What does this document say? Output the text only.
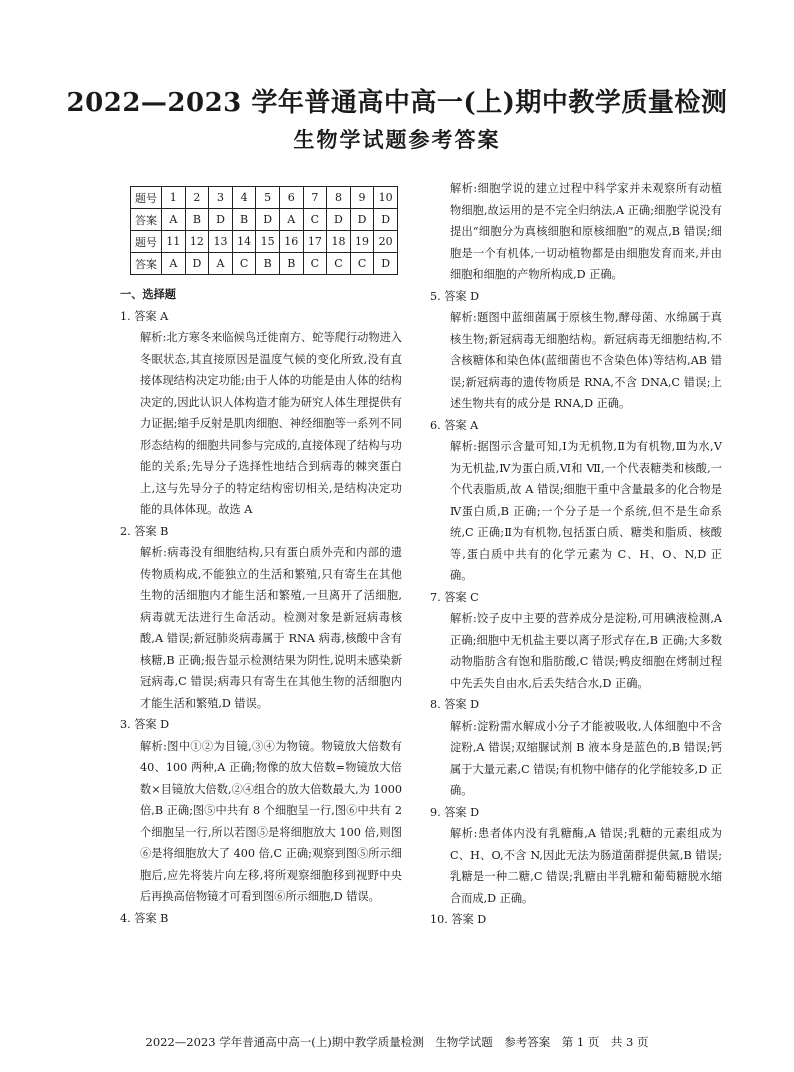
2022—2023 学年普通高中高一(上)期中教学质量检测
生物学试题参考答案
题号	1	2	3	4	5	6	7	8	9	10
答案	A	B	D	B	D	A	C	D	D	D
题号	11	12	13	14	15	16	17	18	19	20
答案	A	D	A	C	B	B	C	C	C	D

一、选择题

1. 答案 A

解析:北方寒冬来临候鸟迁徙南方、蛇等爬行动物进入冬眠状态,其直接原因是温度气候的变化所致,没有直接体现结构决定功能;由于人体的功能是由人体的结构决定的,因此认识人体构造才能为研究人体生理提供有力证据;缩手反射是肌肉细胞、神经细胞等一系列不同形态结构的细胞共同参与完成的,直接体现了结构与功能的关系;先导分子选择性地结合到病毒的棘突蛋白上,这与先导分子的特定结构密切相关,是结构决定功能的具体体现。故选 A

2. 答案 B

解析:病毒没有细胞结构,只有蛋白质外壳和内部的遗传物质构成,不能独立的生活和繁殖,只有寄生在其他生物的活细胞内才能生活和繁殖,一旦离开了活细胞,病毒就无法进行生命活动。检测对象是新冠病毒核酸,A 错误;新冠肺炎病毒属于 RNA 病毒,核酸中含有核糖,B 正确;报告显示检测结果为阴性,说明未感染新冠病毒,C 错误;病毒只有寄生在其他生物的活细胞内才能生活和繁殖,D 错误。

3. 答案 D

解析:图中①②为目镜,③④为物镜。物镜放大倍数有 40、100 两种,A 正确;物像的放大倍数=物镜放大倍数×目镜放大倍数,②④组合的放大倍数最大,为 1000 倍,B 正确;图⑤中共有 8 个细胞呈一行,图⑥中共有 2 个细胞呈一行,所以若图⑤是将细胞放大 100 倍,则图⑥是将细胞放大了 400 倍,C 正确;观察到图⑤所示细胞后,应先将装片向左移,将所观察细胞移到视野中央后再换高倍物镜才可看到图⑥所示细胞,D 错误。

4. 答案 B

解析:细胞学说的建立过程中科学家并未观察所有动植物细胞,故运用的是不完全归纳法,A 正确;细胞学说没有提出“细胞分为真核细胞和原核细胞”的观点,B 错误;细胞是一个有机体,一切动植物都是由细胞发育而来,并由细胞和细胞的产物所构成,D 正确。

5. 答案 D

解析:题图中蓝细菌属于原核生物,酵母菌、水绵属于真核生物;新冠病毒无细胞结构。新冠病毒无细胞结构,不含核糖体和染色体(蓝细菌也不含染色体)等结构,AB 错误;新冠病毒的遗传物质是 RNA,不含 DNA,C 错误;上述生物共有的成分是 RNA,D 正确。

6. 答案 A

解析:据图示含量可知,Ⅰ为无机物,Ⅱ为有机物,Ⅲ为水,Ⅴ为无机盐,Ⅳ为蛋白质,Ⅵ和 Ⅶ,一个代表糖类和核酸,一个代表脂质,故 A 错误;细胞干重中含量最多的化合物是Ⅳ蛋白质,B 正确;一个分子是一个系统,但不是生命系统,C 正确;Ⅱ为有机物,包括蛋白质、糖类和脂质、核酸等,蛋白质中共有的化学元素为 C、H、O、N,D 正确。

7. 答案 C

解析:饺子皮中主要的营养成分是淀粉,可用碘液检测,A 正确;细胞中无机盐主要以离子形式存在,B 正确;大多数动物脂肪含有饱和脂肪酸,C 错误;鸭皮细胞在烤制过程中先丢失自由水,后丢失结合水,D 正确。

8. 答案 D

解析:淀粉需水解成小分子才能被吸收,人体细胞中不含淀粉,A 错误;双缩脲试剂 B 液本身是蓝色的,B 错误;钙属于大量元素,C 错误;有机物中储存的化学能较多,D 正确。

9. 答案 D

解析:患者体内没有乳糖酶,A 错误;乳糖的元素组成为 C、H、O,不含 N,因此无法为肠道菌群提供氮,B 错误;乳糖是一种二糖,C 错误;乳糖由半乳糖和葡萄糖脱水缩合而成,D 正确。

10. 答案 D

2022—2023 学年普通高中高一(上)期中教学质量检测　生物学试题　参考答案　第 1 页　共 3 页
